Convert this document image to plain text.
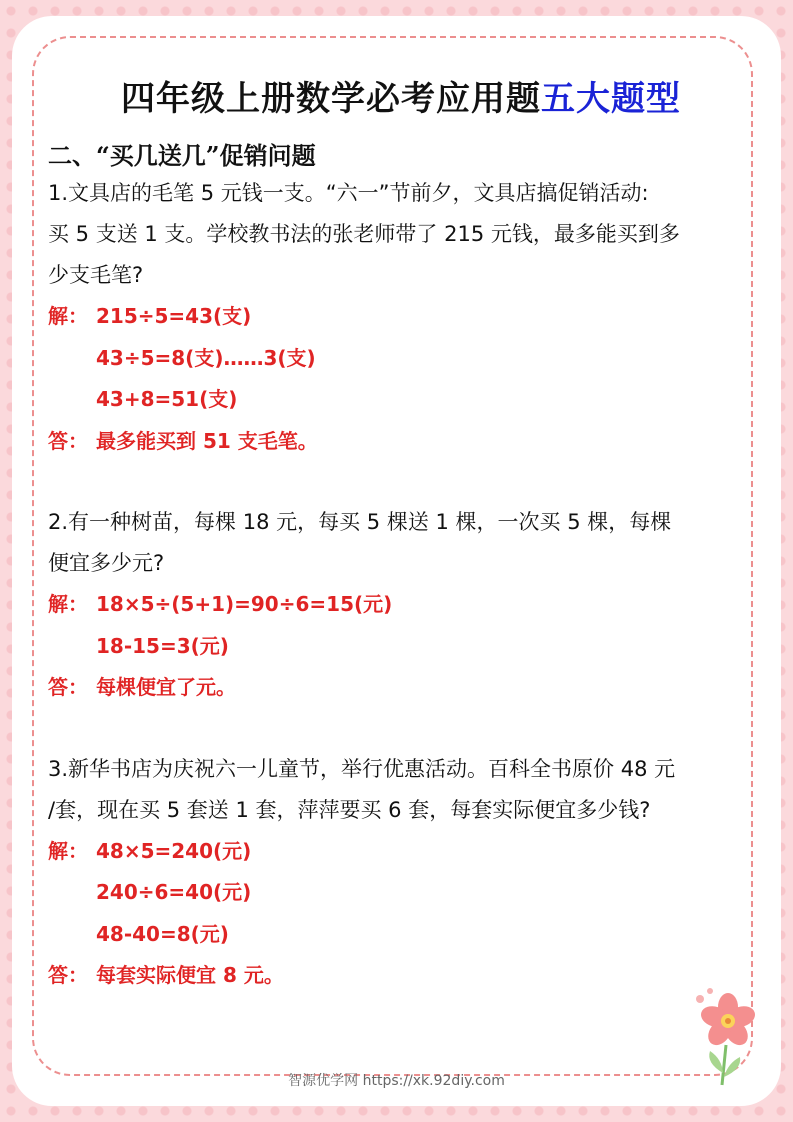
四年级上册数学必考应用题五大题型
二、“买几送几”促销问题
1.文具店的毛笔 5 元钱一支。“六一”节前夕，文具店搞促销活动:
买 5 支送 1 支。学校教书法的张老师带了 215 元钱，最多能买到多
少支毛笔?
解： 215÷5=43(支)
43÷5=8(支)……3(支)
43+8=51(支)
答： 最多能买到 51 支毛笔。
2.有一种树苗，每棵 18 元，每买 5 棵送 1 棵，一次买 5 棵，每棵
便宜多少元?
解： 18×5÷(5+1)=90÷6=15(元)
18-15=3(元)
答： 每棵便宜了元。
3.新华书店为庆祝六一儿童节，举行优惠活动。百科全书原价 48 元
/套，现在买 5 套送 1 套，萍萍要买 6 套，每套实际便宜多少钱?
解： 48×5=240(元)
240÷6=40(元)
48-40=8(元)
答： 每套实际便宜 8 元。
智源优学网 https://xk.92diy.com
